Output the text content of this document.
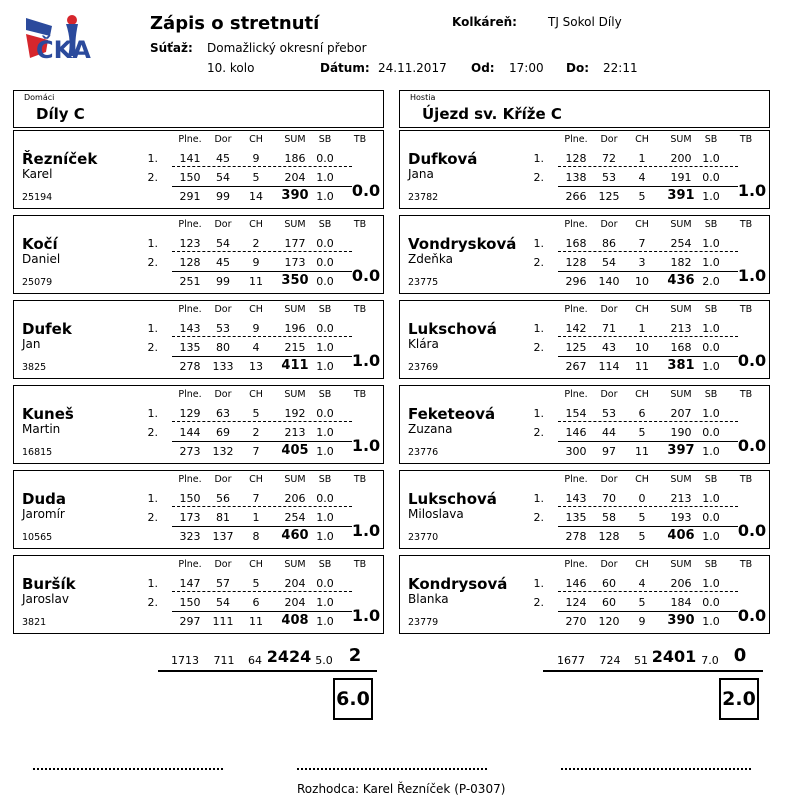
ČKA
Zápis o stretnutí
Súťaž: Domažlický okresní přebor
10. kolo	Dátum: 24.11.2017 Od: 17:00 Do: 22:11
Kolkáreň:	TJ Sokol Díly
Domáci
Díly C
Hostia
Újezd sv. Kříže C
Plne.	Dor	CH	SUM	SB	TB
Řezníček
Karel
25194
1.	141	45	9	186 0.0
2.	150	54	5	204 1.0
291	99	14	390 1.0 0.0
Plne.	Dor	CH	SUM	SB	TB
Kočí
Daniel
25079
1.	123	54	2	177 0.0
2.	128	45	9	173 0.0
251	99	11	350 0.0 0.0
Plne.	Dor	CH	SUM	SB	TB
Dufek
Jan
3825
1.	143	53	9	196 0.0
2.	135	80	4	215 1.0
278	133	13	411 1.0 1.0
Plne.	Dor	CH	SUM	SB	TB
Kuneš
Martin
16815
1.	129	63	5	192 0.0
2.	144	69	2	213 1.0
273	132	7	405 1.0 1.0
Plne.	Dor	CH	SUM	SB	TB
Duda
Jaromír
10565
1.	150	56	7	206 0.0
2.	173	81	1	254 1.0
323	137	8	460 1.0 1.0
Plne.	Dor	CH	SUM	SB	TB
Buršík
Jaroslav
3821
1.	147	57	5	204 0.0
2.	150	54	6	204 1.0
297	111	11	408 1.0 1.0
Plne.	Dor	CH	SUM	SB	TB
Dufková
Jana
23782
1.	128	72	1	200 1.0
2.	138	53	4	191 0.0
266	125	5	391 1.0 1.0
Plne.	Dor	CH	SUM	SB	TB
Vondrysková
Zdeňka
23775
1.	168	86	7	254 1.0
2.	128	54	3	182 1.0
296	140	10	436 2.0 1.0
Plne.	Dor	CH	SUM	SB	TB
Lukschová
Klára
23769
1.	142	71	1	213 1.0
2.	125	43	10	168 0.0
267	114	11	381 1.0 0.0
Plne.	Dor	CH	SUM	SB	TB
Feketeová
Zuzana
23776
1.	154	53	6	207 1.0
2.	146	44	5	190 0.0
300	97	11	397 1.0 0.0
Plne.	Dor	CH	SUM	SB	TB
Lukschová
Miloslava
23770
1.	143	70	0	213 1.0
2.	135	58	5	193 0.0
278	128	5	406 1.0 0.0
Plne.	Dor	CH	SUM	SB	TB
Kondrysová
Blanka
23779
1.	146	60	4	206 1.0
2.	124	60	5	184 0.0
270	120	9	390 1.0 0.0
1713	711	64 2424 5.0 2
6.0
1677	724	51 2401 7.0 0
2.0
Rozhodca: Karel Řezníček (P-0307)
